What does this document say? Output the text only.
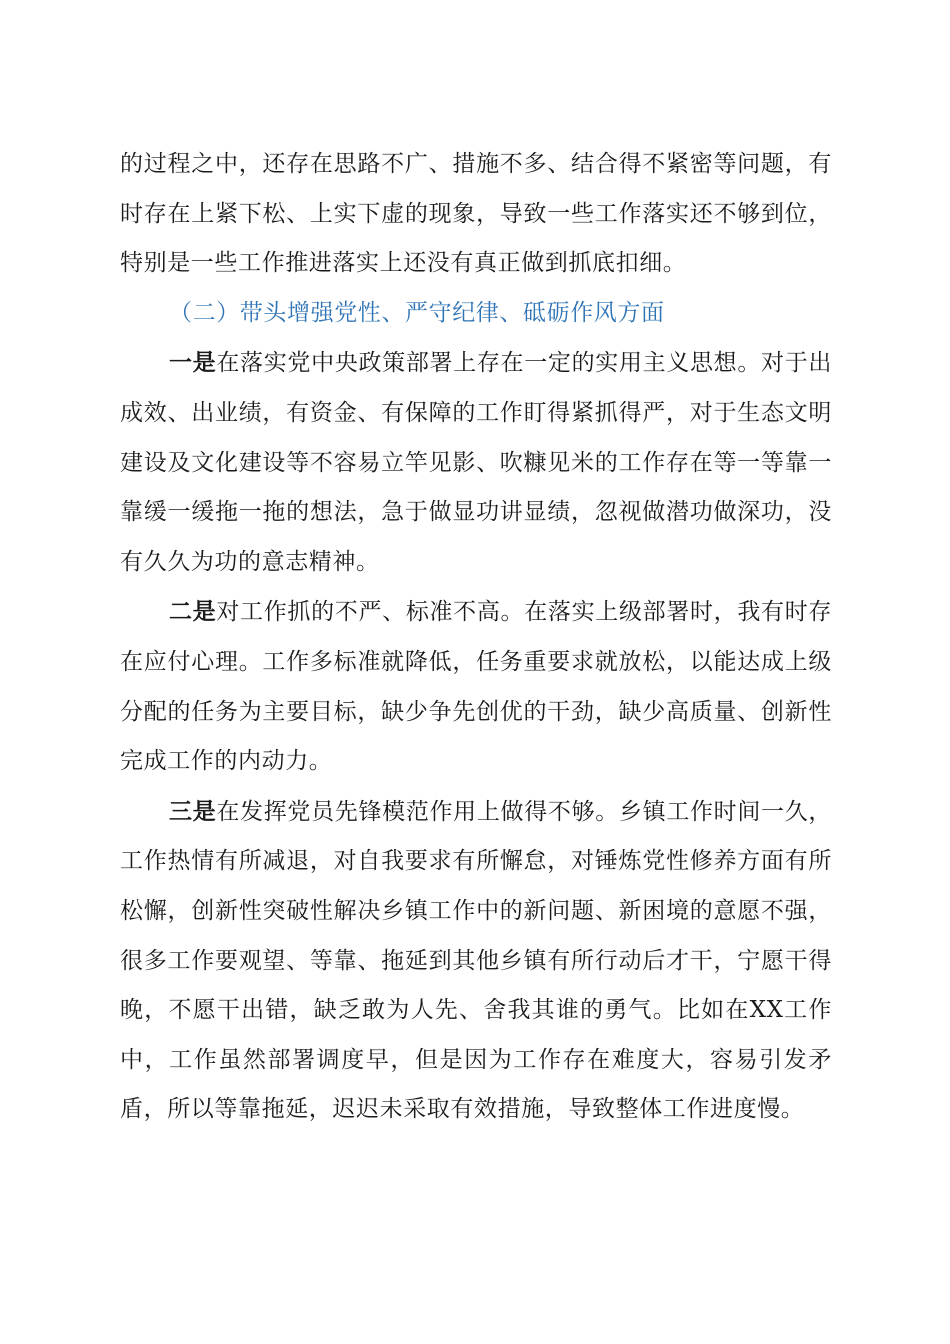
的过程之中，还存在思路不广、措施不多、结合得不紧密等问题，有时存在上紧下松、上实下虚的现象，导致一些工作落实还不够到位，特别是一些工作推进落实上还没有真正做到抓底扣细。

（二）带头增强党性、严守纪律、砥砺作风方面

一是在落实党中央政策部署上存在一定的实用主义思想。对于出成效、出业绩，有资金、有保障的工作盯得紧抓得严，对于生态文明建设及文化建设等不容易立竿见影、吹糠见米的工作存在等一等靠一靠缓一缓拖一拖的想法，急于做显功讲显绩，忽视做潜功做深功，没有久久为功的意志精神。

二是对工作抓的不严、标准不高。在落实上级部署时，我有时存在应付心理。工作多标准就降低，任务重要求就放松，以能达成上级分配的任务为主要目标，缺少争先创优的干劲，缺少高质量、创新性完成工作的内动力。

三是在发挥党员先锋模范作用上做得不够。乡镇工作时间一久，工作热情有所减退，对自我要求有所懈怠，对锤炼党性修养方面有所松懈，创新性突破性解决乡镇工作中的新问题、新困境的意愿不强，很多工作要观望、等靠、拖延到其他乡镇有所行动后才干，宁愿干得晚，不愿干出错，缺乏敢为人先、舍我其谁的勇气。比如在XX工作中，工作虽然部署调度早，但是因为工作存在难度大，容易引发矛盾，所以等靠拖延，迟迟未采取有效措施，导致整体工作进度慢。
